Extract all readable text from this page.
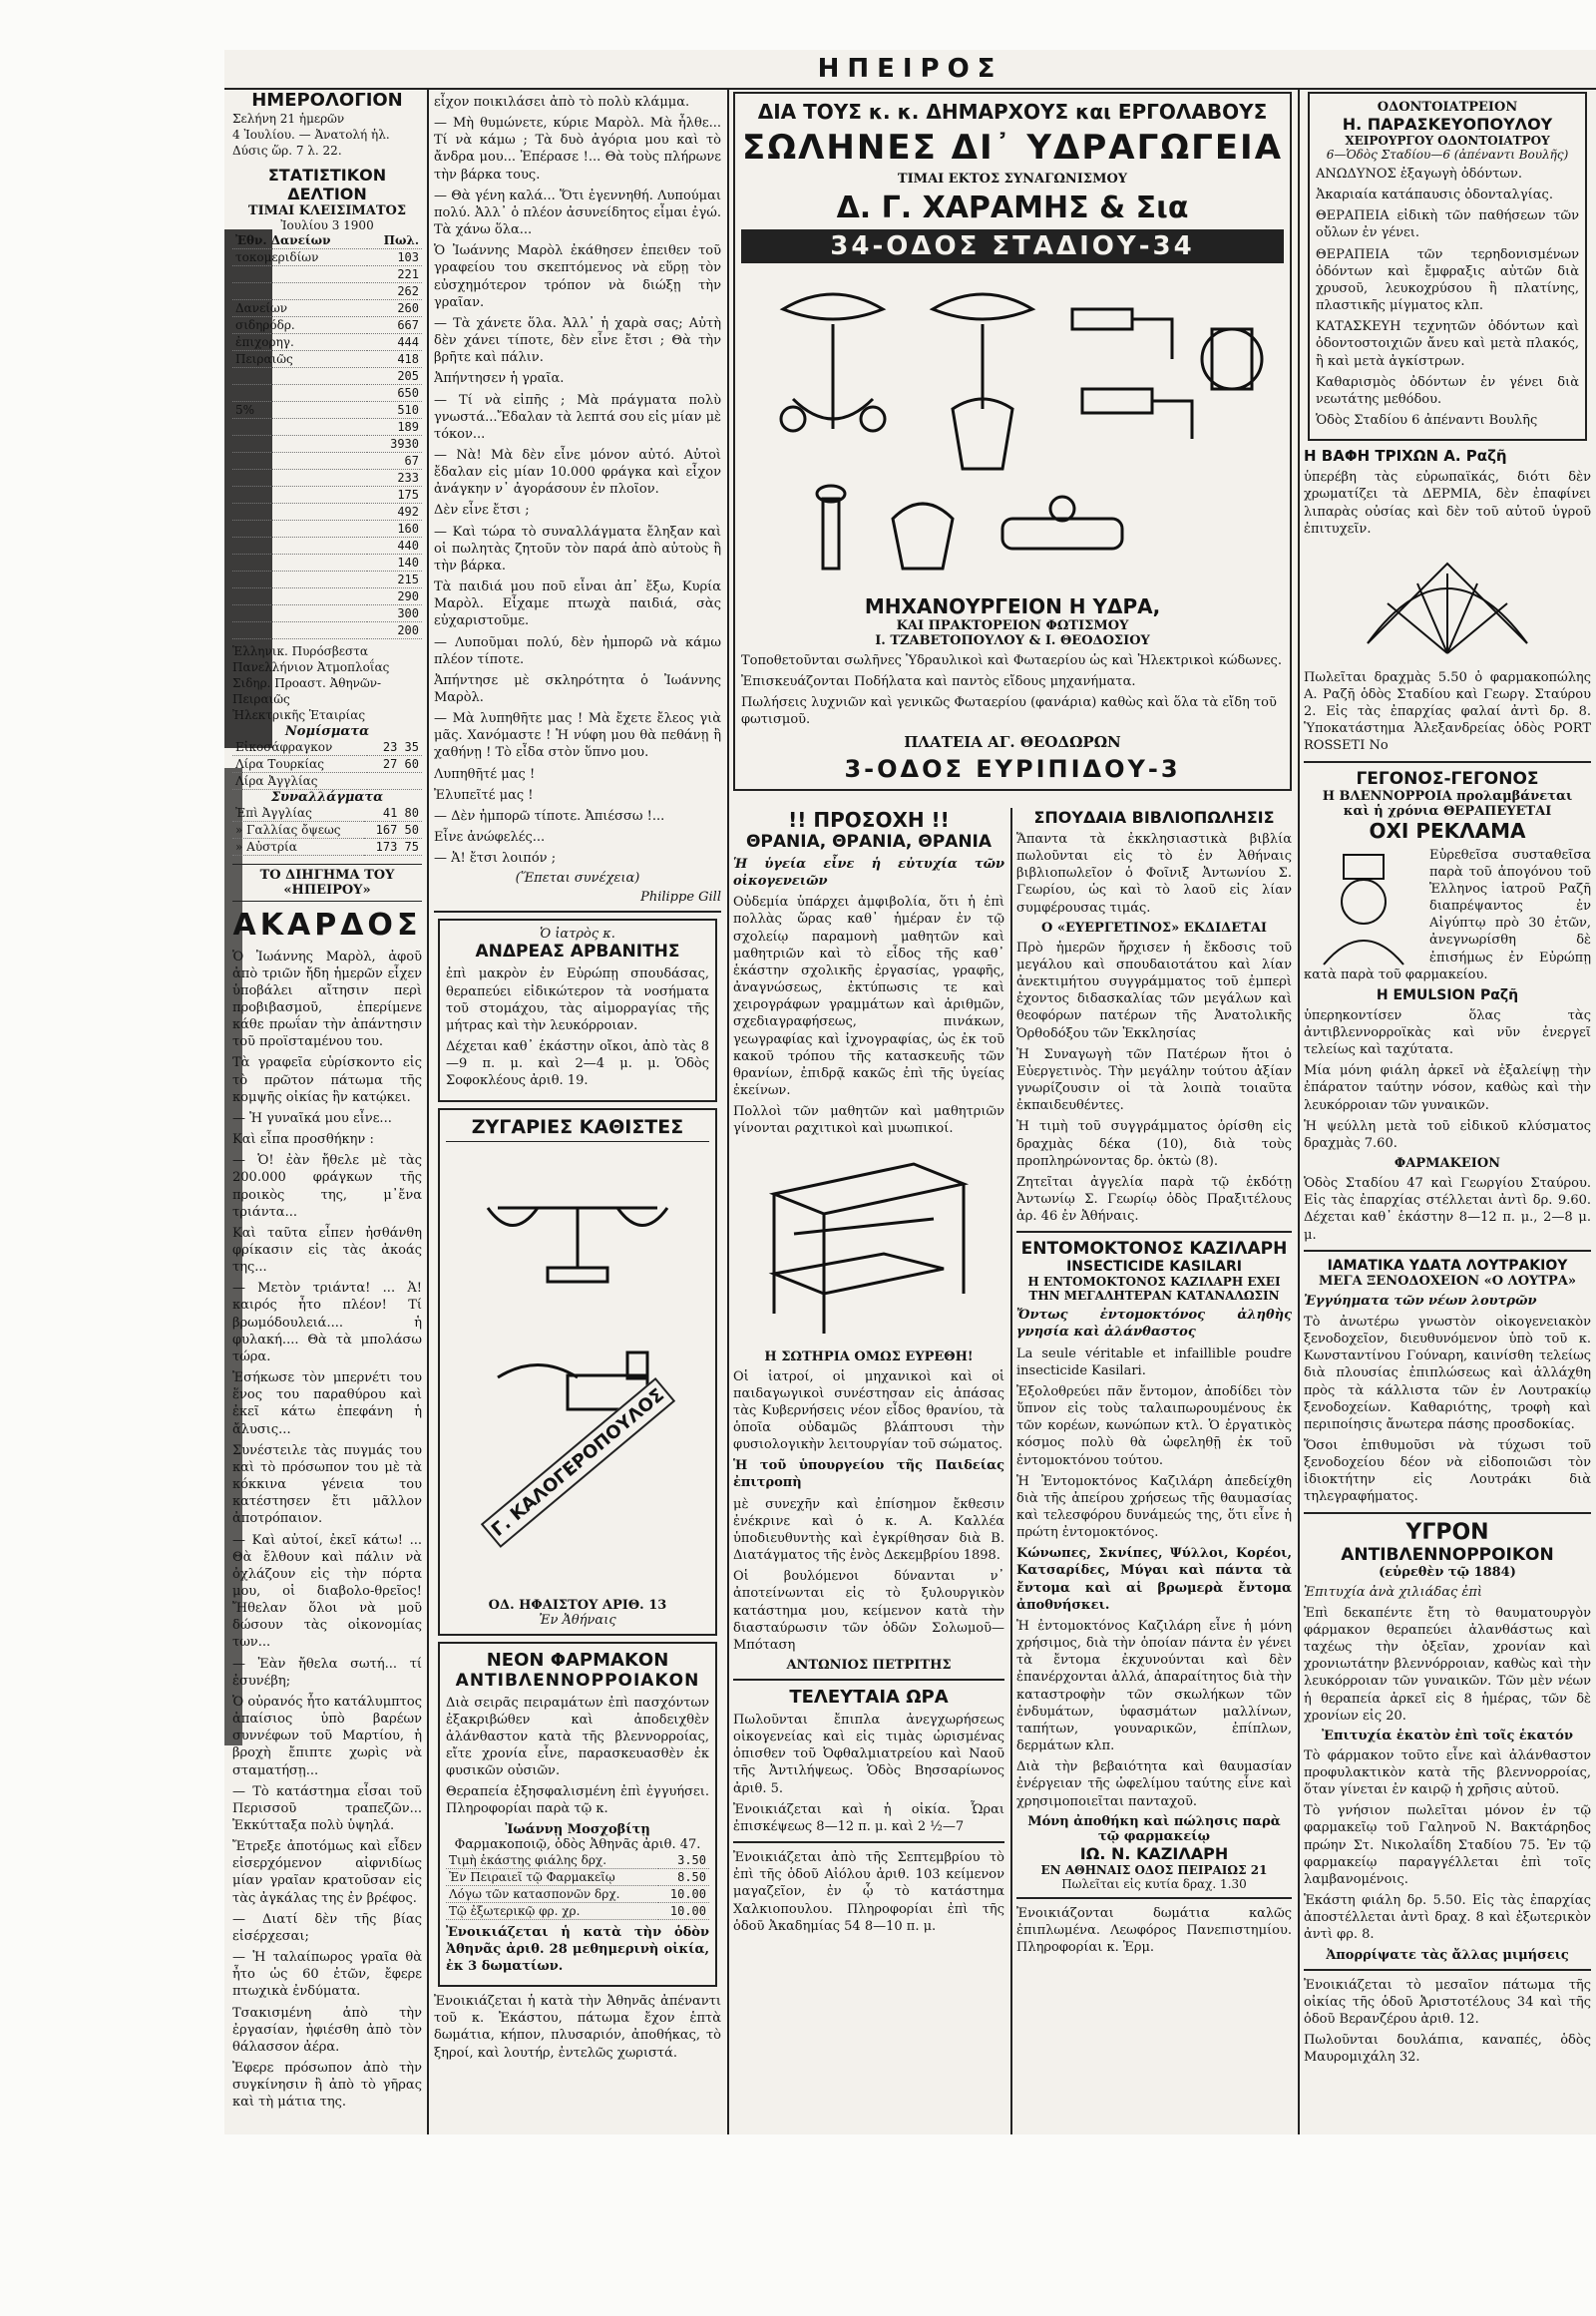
ΗΠΕΙΡΟΣ
ΗΜΕΡΟΛΟΓΙΟΝ

Σελήνη 21 ἡμερῶν

4 Ἰουλίου. — Ἀνατολή ἡλ.

Δύσις ὥρ. 7 λ. 22.

ΣΤΑΤΙΣΤΙΚΟΝ ΔΕΛΤΙΟΝ
ΤΙΜΑΙ ΚΛΕΙΣΙΜΑΤΟΣ
Ἰουλίου 3 1900
Ἐθν. Δανείων	Πωλ.
τοκομεριδίων	103
	221
	262
Δανείων	260
σιδηρόδρ.	667
ἐπιχορηγ.	444
Πειραιῶς	418
	205
	650
5%	510
	189
	3930
	67
	233
	175
	492
	160
	440
	140
	215
	290
	300
	200

Ἑλληνικ. Πυρόσβεστα

Πανελλήνιον Ἀτμοπλοΐας

Σιδηρ. Προαστ. Ἀθηνῶν-Πειραιῶς

Ἠλεκτρικῆς Ἑταιρίας

Νομίσματα
Εἰκοσάφραγκον	23 35
Λίρα Τουρκίας	27 60
Λίρα Ἀγγλίας	
Συναλλάγματα
Ἐπὶ Ἀγγλίας	41 80
» Γαλλίας ὄψεως	167 50
» Αὐστρία	173 75
ΤΟ ΔΙΗΓΗΜΑ ΤΟΥ «ΗΠΕΙΡΟΥ»
ΑΚΑΡΔΟΣ

Ὁ Ἰωάννης Μαρὸλ, ἀφοῦ ἀπὸ τριῶν ἤδη ἡμερῶν εἶχεν ὑποβάλει αἴτησιν περὶ προβιβασμοῦ, ἐπερίμενε κάθε πρωΐαν τὴν ἀπάντησιν τοῦ προϊσταμένου του.

Τὰ γραφεῖα εὑρίσκοντο εἰς τὸ πρῶτον πάτωμα τῆς κομψῆς οἰκίας ἣν κατῴκει.

— Ἡ γυναῖκά μου εἶνε...

Καὶ εἶπα προσθήκην :

— Ὁ! ἐὰν ἤθελε μὲ τὰς 200.000 φράγκων τῆς προικὸς της, μ᾽ἔνα τριάντα...

Καὶ ταῦτα εἶπεν ἠσθάνθη φρίκασιν εἰς τὰς ἀκοάς της...

— Μετὸν τριάντα! ... Ἀ! καιρός ἦτο πλέον! Τί βρωμόδουλειά.... ἡ φυλακή.... Θὰ τὰ μπολάσω τώρα.

Ἐσήκωσε τὸν μπερνέτι του ἕνος του παραθύρου καὶ ἐκεῖ κάτω ἐπεφάνη ἡ ἄλυσις...

Συνέστειλε τὰς πυγμάς του καὶ τὸ πρόσωπον του μὲ τὰ κόκκινα γένεια του κατέστησεν ἔτι μᾶλλον ἀποτρόπαιον.

— Καὶ αὐτοί, ἐκεῖ κάτω! ... Θὰ ἔλθουν καὶ πάλιν νὰ ὀχλάζουν εἰς τὴν πόρτα μου, οἱ διαβολο-θρεῖος! Ἤθελαν ὅλοι νὰ μοῦ δώσουν τὰς οἰκονομίας των...

— Ἐὰν ἤθελα σωτή... τί ἐσυνέβη;

Ὁ οὐρανός ἦτο κατάλυμπτος ἀπαίσιος ὑπὸ βαρέων συννέφων τοῦ Μαρτίου, ἡ βροχὴ ἔπιπτε χωρὶς νὰ σταματήσῃ...

— Τὸ κατάστημα εἶσαι τοῦ Περισσοῦ τραπεζῶν... Ἐκκύτταξα πολὺ ὑψηλά.

Ἔτρεξε ἀποτόμως καὶ εἶδεν εἰσερχόμενον αἰφνιδίως μίαν γραῖαν κρατοῦσαν εἰς τὰς ἀγκάλας της ἐν βρέφος.

— Διατί δὲν τῆς βίας εἰσέρχεσαι;

— Ἡ ταλαίπωρος γραῖα θὰ ἦτο ὡς 60 ἐτῶν, ἔφερε πτωχικὰ ἐνδύματα.

Τσακισμένη ἀπὸ τὴν ἐργασίαν, ἠφιέσθη ἀπὸ τὸν θάλασσον ἀέρα.

Ἐφερε πρόσωπον ἀπὸ τὴν συγκίνησιν ἢ ἀπὸ τὸ γῆρας καὶ τὴ μάτια της.

εἶχον ποικιλάσει ἀπὸ τὸ πολὺ κλάμμα.

— Μὴ θυμώνετε, κύριε Μαρὸλ. Μὰ ἦλθε... Τί νὰ κάμω ; Τὰ δυὸ ἀγόρια μου καὶ τὸ ἄνδρα μου... Ἐπέρασε !... Θὰ τοὺς πλήρωνε τὴν βάρκα τους.

— Θὰ γένη καλά... Ὅτι ἐγεννηθή. Λυπούμαι πολύ. Ἀλλ᾽ ὁ πλέον ἀσυνείδητος εἶμαι ἐγώ. Τὰ χάνω ὅλα...

Ὁ Ἰωάννης Μαρὸλ ἐκάθησεν ἐπειθεν τοῦ γραφείου του σκεπτόμενος νὰ εὕρῃ τὸν εὐσχημότερον τρόπον νὰ διώξῃ τὴν γραῖαν.

— Τὰ χάνετε ὅλα. Ἀλλ᾽ ἡ χαρὰ σας; Αὐτὴ δὲν χάνει τίποτε, δὲν εἶνε ἔτσι ; Θὰ τὴν βρῆτε καὶ πάλιν.

Ἀπήντησεν ἡ γραῖα.

— Τί νὰ εἰπῆς ; Μὰ πράγματα πολὺ γνωστά...Ἔδαλαν τὰ λεπτά σου εἰς μίαν μὲ τόκον...

— Νὰ! Μὰ δὲν εἶνε μόνον αὐτό. Αὐτοὶ ἔδαλαν εἰς μίαν 10.000 φράγκα καὶ εἶχον ἀνάγκην ν᾽ ἀγοράσουν ἐν πλοῖον.

Δὲν εἶνε ἔτσι ;

— Καὶ τώρα τὸ συναλλάγματα ἔληξαν καὶ οἱ πωλητὰς ζητοῦν τὸν παρά ἀπὸ αὐτοὺς ἢ τὴν βάρκα.

Τὰ παιδιά μου ποῦ εἶναι ἀπ᾽ ἔξω, Κυρία Μαρὸλ. Εἶχαμε πτωχὰ παιδιά, σὰς εὐχαριστοῦμε.

— Λυποῦμαι πολύ, δὲν ἠμπορῶ νὰ κάμω πλέον τίποτε.

Ἀπήντησε μὲ σκληρότητα ὁ Ἰωάννης Μαρὸλ.

— Μὰ λυπηθῆτε μας ! Μὰ ἔχετε ἔλεος γιὰ μᾶς. Χανόμαστε ! Ἡ νύφη μου θὰ πεθάνῃ ἢ χαθήνῃ ! Τὸ εἶδα στὸν ὕπνο μου.

Λυπηθῆτέ μας !

Ἐλυπεῖτέ μας !

— Δὲν ἠμπορῶ τίποτε. Ἀπιέσσω !...

Εἶνε ἀνώφελές...

— Ἀ! ἔτσι λοιπόν ;

(Ἕπεται συνέχεια)
Philippe Gill
Ὁ ἰατρὸς κ.
ΑΝΔΡΕΑΣ ΑΡΒΑΝΙΤΗΣ

ἐπὶ μακρὸν ἐν Εὐρώπῃ σπουδάσας, θεραπεύει εἰδικώτερον τὰ νοσήματα τοῦ στομάχου, τὰς αἱμορραγίας τῆς μήτρας καὶ τὴν λευκόρροιαν.

Δέχεται καθ᾽ ἑκάστην οἴκοι, ἀπὸ τὰς 8—9 π. μ. καὶ 2—4 μ. μ. Ὁδὸς Σοφοκλέους ἀριθ. 19.

ΖΥΓΑΡΙΕΣ ΚΑΘΙΣΤΕΣ
Γ. ΚΑΛΟΓΕΡΟΠΟΥΛΟΣ
ΟΔ. ΗΦΑΙΣΤΟΥ ΑΡΙΘ. 13
Ἐν Ἀθήναις
ΝΕΟΝ ΦΑΡΜΑΚΟΝ
ΑΝΤΙΒΛΕΝΝΟΡΡΟΙΑΚΟΝ

Διὰ σειρᾶς πειραμάτων ἐπὶ πασχόντων ἐξακριβώθεν καὶ ἀποδειχθὲν ἀλάνθαστον κατὰ τῆς βλεννορροίας, εἴτε χρονία εἶνε, παρασκευασθὲν ἐκ φυσικῶν οὐσιῶν.

Θεραπεία ἐξησφαλισμένη ἐπὶ ἐγγυήσει. Πληροφορίαι παρὰ τῷ κ.

Ἰωάννῃ Μοσχοβίτῃ
Φαρμακοποιῷ, ὁδὸς Ἀθηνᾶς ἀριθ. 47.
Τιμὴ ἑκάστης φιάλης δρχ.	3.50
Ἐν Πειραιεῖ τῷ Φαρμακεῖῳ	8.50
Λόγω τῶν κατασπονῶν δρχ.	10.00
Τῷ ἐξωτερικῷ φρ. χρ.	10.00

Ἐνοικιάζεται ἡ κατὰ τὴν ὁδὸν Ἀθηνᾶς ἀριθ. 28 μεθημερινὴ οἰκία, ἐκ 3 δωματίων.

Ἐνοικιάζεται ἡ κατὰ τὴν Ἀθηνᾶς ἀπέναντι τοῦ κ. Ἑκάστου, πάτωμα ἔχον ἑπτὰ δωμάτια, κήπον, πλυσαριόν, ἀποθήκας, τὸ ξηροί, καὶ λουτήρ, ἐντελῶς χωριστά.

ΔΙΑ ΤΟΥΣ κ. κ. ΔΗΜΑΡΧΟΥΣ και ΕΡΓΟΛΑΒΟΥΣ
ΣΩΛΗΝΕΣ ΔΙ᾽ ΥΔΡΑΓΩΓΕΙΑ
ΤΙΜΑΙ ΕΚΤΟΣ ΣΥΝΑΓΩΝΙΣΜΟΥ
Δ. Γ. ΧΑΡΑΜΗΣ & Σια
34-ΟΔΟΣ ΣΤΑΔΙΟΥ-34
ΜΗΧΑΝΟΥΡΓΕΙΟΝ Η ΥΔΡΑ,
ΚΑΙ ΠΡΑΚΤΟΡΕΙΟΝ ΦΩΤΙΣΜΟΥ
Ι. ΤΖΑΒΕΤΟΠΟΥΛΟΥ & Ι. ΘΕΟΔΟΣΙΟΥ

Τοποθετοῦνται σωλῆνες Ὑδραυλικοὶ καὶ Φωταερίου ὡς καὶ Ἠλεκτρικοὶ κώδωνες.

Ἐπισκευάζονται Ποδήλατα καὶ παντὸς εἴδους μηχανήματα.

Πωλήσεις λυχνιῶν καὶ γενικῶς Φωταερίου (φανάρια) καθὼς καὶ ὅλα τὰ εἴδη τοῦ φωτισμοῦ.

ΠΛΑΤΕΙΑ ΑΓ. ΘΕΟΔΩΡΩΝ
3-ΟΔΟΣ ΕΥΡΙΠΙΔΟΥ-3
!! ΠΡΟΣΟΧΗ !!
ΘΡΑΝΙΑ, ΘΡΑΝΙΑ, ΘΡΑΝΙΑ

Ἡ ὑγεία εἶνε ἡ εὐτυχία τῶν οἰκογενειῶν

Οὐδεμία ὑπάρχει ἀμφιβολία, ὅτι ἡ ἐπὶ πολλὰς ὥρας καθ᾽ ἡμέραν ἐν τῷ σχολείῳ παραμονὴ μαθητῶν καὶ μαθητριῶν καὶ τὸ εἶδος τῆς καθ᾽ ἑκάστην σχολικῆς ἐργασίας, γραφῆς, ἀναγνώσεως, ἐκτύπωσις τε καὶ χειρογράφων γραμμάτων καὶ ἀριθμῶν, σχεδιαγραφήσεως, πινάκων, γεωγραφίας καὶ ἰχνογραφίας, ὡς ἐκ τοῦ κακοῦ τρόπου τῆς κατασκευῆς τῶν θρανίων, ἐπιδρᾷ κακῶς ἐπὶ τῆς ὑγείας ἐκείνων.

Πολλοὶ τῶν μαθητῶν καὶ μαθητριῶν γίνονται ραχιτικοὶ καὶ μυωπικοί.

Η ΣΩΤΗΡΙΑ ΟΜΩΣ ΕΥΡΕΘΗ!

Οἱ ἰατροί, οἱ μηχανικοὶ καὶ οἱ παιδαγωγικοὶ συνέστησαν εἰς ἁπάσας τὰς Κυβερνήσεις νέον εἶδος θρανίου, τὰ ὁποῖα οὐδαμῶς βλάπτουσι τὴν φυσιολογικὴν λειτουργίαν τοῦ σώματος.

Ἡ τοῦ ὑπουργείου τῆς Παιδείας ἐπιτροπὴ

μὲ συνεχῆν καὶ ἐπίσημον ἔκθεσιν ἐνέκρινε καὶ ὁ κ. Α. Καλλέα ὑποδιευθυντὴς καὶ ἐγκρίθησαν διὰ Β. Διατάγματος τῆς ἐνὸς Δεκεμβρίου 1898.

Οἱ βουλόμενοι δύνανται ν᾽ ἀποτείνωνται εἰς τὸ ξυλουργικὸν κατάστημα μου, κείμενον κατὰ τὴν διασταύρωσιν τῶν ὁδῶν Σολωμοῦ—Μπόταση

ΑΝΤΩΝΙΟΣ ΠΕΤΡΙΤΗΣ
ΤΕΛΕΥΤΑΙΑ ΩΡΑ

Πωλοῦνται ἔπιπλα ἀνεγχωρήσεως οἰκογενείας καὶ εἰς τιμὰς ὡρισμένας ὀπισθεν τοῦ Ὀφθαλμιατρείου καὶ Ναοῦ τῆς Ἀντιλήψεως. Ὁδὸς Βησσαρίωνος ἀριθ. 5.

Ἐνοικιάζεται καὶ ἡ οἰκία. Ὧραι ἐπισκέψεως 8—12 π. μ. καὶ 2 ½—7

Ἐνοικιάζεται ἀπὸ τῆς Σεπτεμβρίου τὸ ἐπὶ τῆς ὁδοῦ Αἰόλου ἀριθ. 103 κείμενον μαγαζεῖον, ἐν ᾧ τὸ κατάστημα Χαλκιοπουλου. Πληροφορίαι ἐπὶ τῆς ὁδοῦ Ἀκαδημίας 54 8—10 π. μ.

ΣΠΟΥΔΑΙΑ ΒΙΒΛΙΟΠΩΛΗΣΙΣ

Ἅπαντα τὰ ἐκκλησιαστικὰ βιβλία πωλοῦνται εἰς τὸ ἐν Ἀθήναις βιβλιοπωλεῖον ὁ Φοῖνιξ Ἀντωνίου Σ. Γεωρίου, ὡς καὶ τὸ λαοῦ εἰς λίαν συμφέρουσας τιμάς.

Ο «ΕΥΕΡΓΕΤΙΝΟΣ» ΕΚΔΙΔΕΤΑΙ

Πρὸ ἡμερῶν ἤρχισεν ἡ ἔκδοσις τοῦ μεγάλου καὶ σπουδαιοτάτου καὶ λίαν ἀνεκτιμήτου συγγράμματος τοῦ ἐμπερὶ ἐχοντος διδασκαλίας τῶν μεγάλων καὶ θεοφόρων πατέρων τῆς Ἀνατολικῆς Ὀρθοδόξου τῶν Ἐκκλησίας

Ἡ Συναγωγὴ τῶν Πατέρων ἤτοι ὁ Εὐεργετινὸς. Τὴν μεγάλην τούτου ἀξίαν γνωρίζουσιν οἱ τὰ λοιπὰ τοιαῦτα ἐκπαιδευθέντες.

Ἡ τιμὴ τοῦ συγγράμματος ὁρίσθη εἰς δραχμὰς δέκα (10), διὰ τοὺς προπληρώνοντας δρ. ὀκτὼ (8).

Ζητεῖται ἀγγελία παρὰ τῷ ἐκδότῃ Ἀντωνίῳ Σ. Γεωρίῳ ὁδὸς Πραξιτέλους ἀρ. 46 ἐν Ἀθήναις.

ΕΝΤΟΜΟΚΤΟΝΟΣ ΚΑΖΙΛΑΡΗ
INSECTICIDE KASILARI
Η ΕΝΤΟΜΟΚΤΟΝΟΣ ΚΑΖΙΛΑΡΗ ΕΧΕΙ ΤΗΝ ΜΕΓΑΛΗΤΕΡΑΝ ΚΑΤΑΝΑΛΩΣΙΝ

Ὄντως ἐντομοκτόνος ἀληθὴς γνησία καὶ ἀλάνθαστος

La seule véritable et infaillible poudre insecticide Kasilari.

Ἐξολοθρεύει πᾶν ἔντομον, ἀποδίδει τὸν ὕπνον εἰς τοὺς ταλαιπωρουμένους ἐκ τῶν κορέων, κωνώπων κτλ. Ὁ ἐργατικὸς κόσμος πολὺ θὰ ὠφεληθῇ ἐκ τοῦ ἐντομοκτόνου τούτου.

Ἡ Ἐντομοκτόνος Καζιλάρη ἀπεδείχθη διὰ τῆς ἀπείρου χρήσεως τῆς θαυμασίας καὶ τελεσφόρου δυνάμεώς της, ὅτι εἶνε ἡ πρώτη ἐντομοκτόνος.

Κώνωπες, Σκνίπες, Ψύλλοι, Κορέοι, Κατσαρίδες, Μύγαι καὶ πάντα τὰ ἔντομα καὶ αἱ βρωμερὰ ἔντομα ἀποθνήσκει.

Ἡ ἐντομοκτόνος Καζιλάρη εἶνε ἡ μόνη χρήσιμος, διὰ τὴν ὁποίαν πάντα ἐν γένει τὰ ἔντομα ἐκχυνούνται καὶ δὲν ἐπανέρχονται ἀλλά, ἀπαραίτητος διὰ τὴν καταστροφὴν τῶν σκωλήκων τῶν ἐνδυμάτων, ὑφασμάτων μαλλίνων, ταπήτων, γουναρικῶν, ἐπίπλων, δερμάτων κλπ.

Διὰ τὴν βεβαιότητα καὶ θαυμασίαν ἐνέργειαν τῆς ὠφελίμου ταύτης εἶνε καὶ χρησιμοποιεῖται πανταχοῦ.

Μόνη ἀποθήκη καὶ πώλησις παρὰ τῷ φαρμακείῳ
ΙΩ. Ν. ΚΑΖΙΛΑΡΗ
ΕΝ ΑΘΗΝΑΙΣ ΟΔΟΣ ΠΕΙΡΑΙΩΣ 21
Πωλεῖται εἰς κυτία δραχ. 1.30

Ἐνοικιάζονται δωμάτια καλῶς ἐπιπλωμένα. Λεωφόρος Πανεπιστημίου. Πληροφορίαι κ. Ἑρμ.

ΟΔΟΝΤΟΙΑΤΡΕΙΟΝ
Η. ΠΑΡΑΣΚΕΥΟΠΟΥΛΟΥ
ΧΕΙΡΟΥΡΓΟΥ ΟΔΟΝΤΟΙΑΤΡΟΥ
6—Ὁδὸς Σταδίου—6 (ἀπέναντι Βουλῆς)

ΑΝΩΔΥΝΟΣ ἐξαγωγὴ ὀδόντων.

Ἀκαριαία κατάπαυσις ὀδονταλγίας.

ΘΕΡΑΠΕΙΑ εἰδικὴ τῶν παθήσεων τῶν οὔλων ἐν γένει.

ΘΕΡΑΠΕΙΑ τῶν τερηδονισμένων ὀδόντων καὶ ἔμφραξις αὐτῶν διὰ χρυσοῦ, λευκοχρύσου ἢ πλατίνης, πλαστικῆς μίγματος κλπ.

ΚΑΤΑΣΚΕΥΗ τεχνητῶν ὀδόντων καὶ ὀδοντοστοιχιῶν ἄνευ καὶ μετὰ πλακός, ἢ καὶ μετὰ ἀγκίστρων.

Καθαρισμὸς ὀδόντων ἐν γένει διὰ νεωτάτης μεθόδου.

Ὁδὸς Σταδίου 6 ἀπέναντι Βουλῆς

Η ΒΑΦΗ ΤΡΙΧΩΝ Α. Ραζῆ

ὑπερέβη τὰς εὐρωπαϊκάς, διότι δὲν χρωματίζει τὰ ΔΕΡΜΙΑ, δὲν ἐπαφίνει λιπαρὰς οὐσίας καὶ δὲν τοῦ αὐτοῦ ὑγροῦ ἐπιτυχεῖν.

Πωλεῖται δραχμὰς 5.50 ὁ φαρμακοπώλης Α. Ραζῆ ὁδὸς Σταδίου καὶ Γεωργ. Σταύρου 2. Εἰς τὰς ἐπαρχίας φαλαί ἀντὶ δρ. 8. Ὑποκατάστημα Ἀλεξανδρείας ὁδὸς PORT ROSSETI No

ΓΕΓΟΝΟΣ-ΓΕΓΟΝΟΣ
Η ΒΛΕΝΝΟΡΡΟΙΑ προλαμβάνεται
καὶ ἡ χρόνια ΘΕΡΑΠΕΥΕΤΑΙ
ΟΧΙ ΡΕΚΛΑΜΑ

Εὑρεθεῖσα συσταθεῖσα παρὰ τοῦ ἀπογόνου τοῦ Ἑλληνος ἰατροῦ Ραζῆ διαπρέψαντος ἐν Αἰγύπτῳ πρὸ 30 ἐτῶν, ἀνεγνωρίσθη δὲ ἐπισήμως ἐν Εὐρώπῃ κατὰ παρὰ τοῦ φαρμακείου.

Η EMULSION Ραζῆ

ὑπερηκοντίσεν ὅλας τὰς ἀντιβλεννορροϊκὰς καὶ νῦν ἐνεργεῖ τελείως καὶ ταχύτατα.

Μία μόνη φιάλη ἀρκεῖ νὰ ἐξαλείψῃ τὴν ἐπάρατον ταύτην νόσον, καθὼς καὶ τὴν λευκόρροιαν τῶν γυναικῶν.

Ἡ ψεύλλη μετὰ τοῦ εἰδικοῦ κλύσματος δραχμὰς 7.60.

ΦΑΡΜΑΚΕΙΟΝ

Ὁδὸς Σταδίου 47 καὶ Γεωργίου Σταύρου. Εἰς τὰς ἐπαρχίας στέλλεται ἀντὶ δρ. 9.60. Δέχεται καθ᾽ ἑκάστην 8—12 π. μ., 2—8 μ. μ.

ΙΑΜΑΤΙΚΑ ΥΔΑΤΑ ΛΟΥΤΡΑΚΙΟΥ
ΜΕΓΑ ΞΕΝΟΔΟΧΕΙΟΝ «Ο ΛΟΥΤΡΑ»

Ἐγγύηματα τῶν νέων λουτρῶν

Τὸ ἀνωτέρω γνωστὸν οἰκογενειακὸν ξενοδοχεῖον, διευθυνόμενον ὑπὸ τοῦ κ. Κωνσταντίνου Γούναρη, καινίσθη τελείως διὰ πλουσίας ἐπιπλώσεως καὶ ἀλλάχθη πρὸς τὰ κάλλιστα τῶν ἐν Λουτρακίῳ ξενοδοχείων. Καθαριότης, τροφὴ καὶ περιποίησις ἄνωτερα πάσης προσδοκίας.

Ὅσοι ἐπιθυμοῦσι νὰ τύχωσι τοῦ ξενοδοχείου δέον νὰ εἰδοποιῶσι τὸν ἰδιοκτήτην εἰς Λουτράκι διὰ τηλεγραφήματος.

ΥΓΡΟΝ
ΑΝΤΙΒΛΕΝΝΟΡΡΟΙΚΟΝ
(εὑρεθὲν τῷ 1884)

Ἐπιτυχία ἀνὰ χιλιάδας ἐπὶ

Ἐπὶ δεκαπέντε ἔτη τὸ θαυματουργὸν φάρμακον θεραπεύει ἀλανθάστως καὶ ταχέως τὴν ὀξεῖαν, χρονίαν καὶ χρονιωτάτην βλεννόρροιαν, καθὼς καὶ τὴν λευκόρροιαν τῶν γυναικῶν. Τῶν μὲν νέων ἡ θεραπεία ἀρκεῖ εἰς 8 ἡμέρας, τῶν δὲ χρονίων εἰς 20.

Ἐπιτυχία ἑκατὸν ἐπὶ τοῖς ἑκατόν

Τὸ φάρμακον τοῦτο εἶνε καὶ ἀλάνθαστον προφυλακτικὸν κατὰ τῆς βλεννορροίας, ὅταν γίνεται ἐν καιρῷ ἡ χρῆσις αὐτοῦ.

Τὸ γνήσιον πωλεῖται μόνον ἐν τῷ φαρμακεῖῳ τοῦ Γαληνοῦ Ν. Βακτάρηδος πρώην Στ. Νικολαΐδη Σταδίου 75. Ἐν τῷ φαρμακείῳ παραγγέλλεται ἐπὶ τοῖς λαμβανομένοις.

Ἑκάστη φιάλη δρ. 5.50. Εἰς τὰς ἐπαρχίας ἀποστέλλεται ἀντὶ δραχ. 8 καὶ ἐξωτερικὸν ἀντὶ φρ. 8.

Ἀπορρίψατε τὰς ἄλλας μιμήσεις

Ἐνοικιάζεται τὸ μεσαῖον πάτωμα τῆς οἰκίας τῆς ὁδοῦ Ἀριστοτέλους 34 καὶ τῆς ὁδοῦ Βερανζέρου ἀριθ. 12.

Πωλοῦνται δουλάπια, καναπές, ὁδὸς Μαυρομιχάλη 32.
